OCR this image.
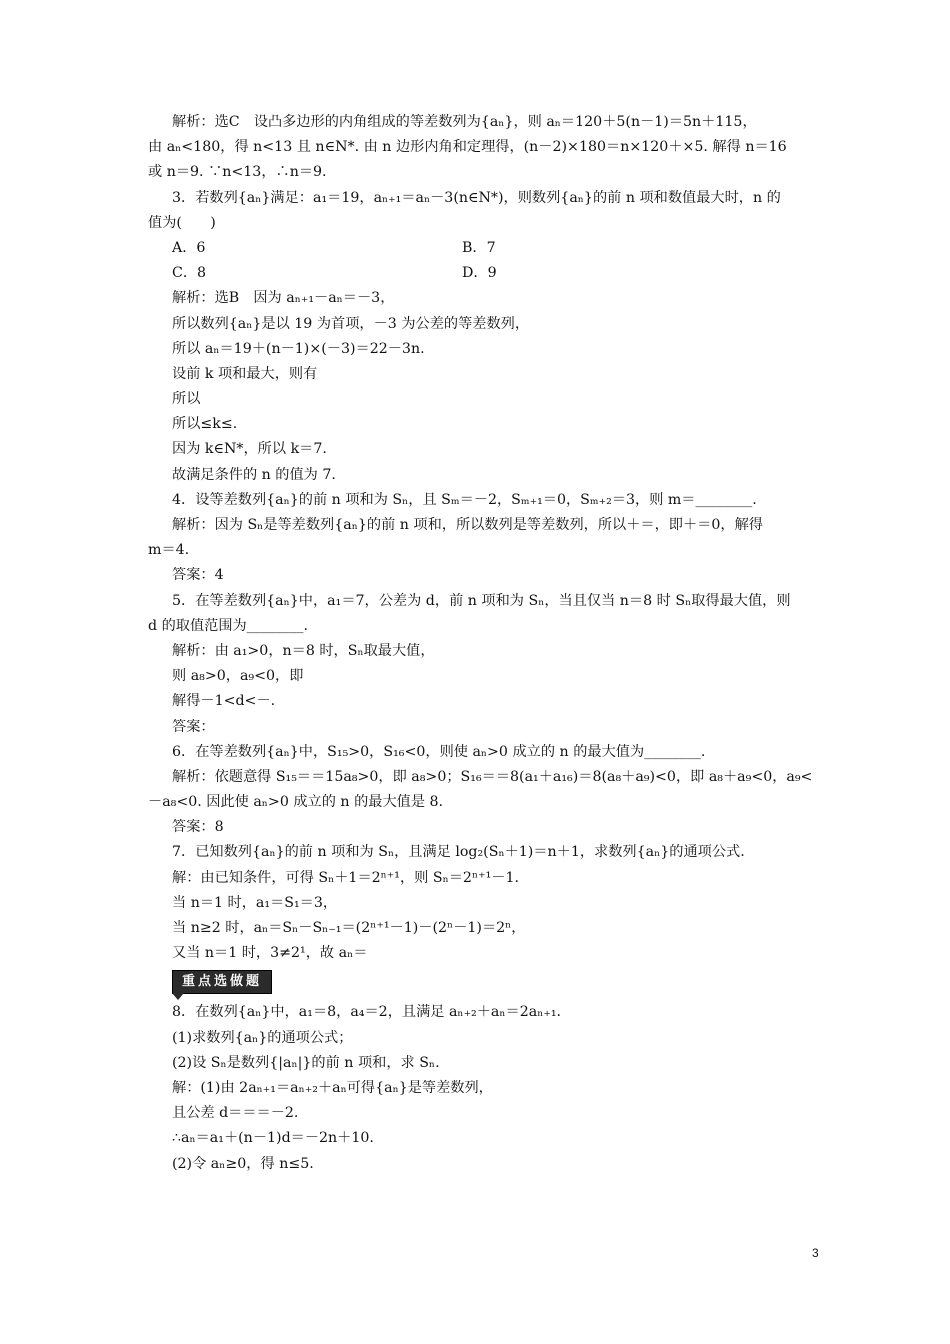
解析：选C　设凸多边形的内角组成的等差数列为{aₙ}，则 aₙ＝120＋5(n－1)＝5n＋115，
由 aₙ<180，得 n<13 且 n∈N*. 由 n 边形内角和定理得，(n－2)×180＝n×120＋×5. 解得 n＝16
或 n＝9. ∵n<13，∴n＝9.
3．若数列{aₙ}满足：a₁＝19，aₙ₊₁＝aₙ－3(n∈N*)，则数列{aₙ}的前 n 项和数值最大时，n 的
值为(　　)
A．6	B．7
C．8	D．9
解析：选B　因为 aₙ₊₁－aₙ＝－3，
所以数列{aₙ}是以 19 为首项，－3 为公差的等差数列，
所以 aₙ＝19＋(n－1)×(－3)＝22－3n.
设前 k 项和最大，则有
所以
所以≤k≤.
因为 k∈N*，所以 k＝7.
故满足条件的 n 的值为 7.
4．设等差数列{aₙ}的前 n 项和为 Sₙ，且 Sₘ＝－2，Sₘ₊₁＝0，Sₘ₊₂＝3，则 m＝________.
解析：因为 Sₙ是等差数列{aₙ}的前 n 项和，所以数列是等差数列，所以＋＝，即＋＝0，解得
m＝4.
答案：4
5．在等差数列{aₙ}中，a₁＝7，公差为 d，前 n 项和为 Sₙ，当且仅当 n＝8 时 Sₙ取得最大值，则
d 的取值范围为________.
解析：由 a₁>0，n＝8 时，Sₙ取最大值，
则 a₈>0，a₉<0，即
解得－1<d<－.
答案：
6．在等差数列{aₙ}中，S₁₅>0，S₁₆<0，则使 aₙ>0 成立的 n 的最大值为________.
解析：依题意得 S₁₅＝＝15a₈>0，即 a₈>0；S₁₆＝＝8(a₁＋a₁₆)＝8(a₈＋a₉)<0，即 a₈＋a₉<0，a₉<
－a₈<0. 因此使 aₙ>0 成立的 n 的最大值是 8.
答案：8
7．已知数列{aₙ}的前 n 项和为 Sₙ，且满足 log₂(Sₙ＋1)＝n＋1，求数列{aₙ}的通项公式.
解：由已知条件，可得 Sₙ＋1＝2ⁿ⁺¹，则 Sₙ＝2ⁿ⁺¹－1.
当 n＝1 时，a₁＝S₁＝3，
当 n≥2 时，aₙ＝Sₙ－Sₙ₋₁＝(2ⁿ⁺¹－1)－(2ⁿ－1)＝2ⁿ，
又当 n＝1 时，3≠2¹，故 aₙ＝
重点选做题
8．在数列{aₙ}中，a₁＝8，a₄＝2，且满足 aₙ₊₂＋aₙ＝2aₙ₊₁.
(1)求数列{aₙ}的通项公式；
(2)设 Sₙ是数列{|aₙ|}的前 n 项和，求 Sₙ.
解：(1)由 2aₙ₊₁＝aₙ₊₂＋aₙ可得{aₙ}是等差数列，
且公差 d＝＝＝－2.
∴aₙ＝a₁＋(n－1)d＝－2n＋10.
(2)令 aₙ≥0，得 n≤5.
3
